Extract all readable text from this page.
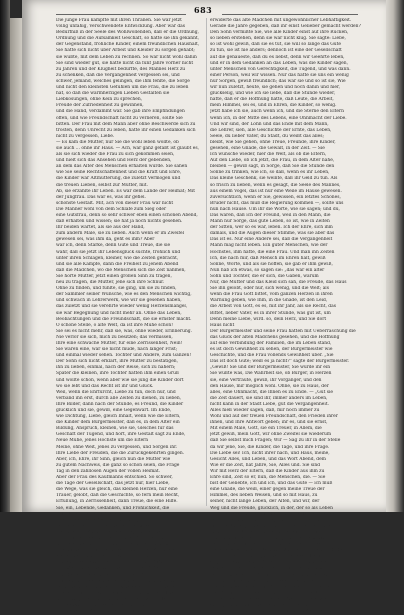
683
Die junge Frau kämpfte mit ihren Thränen. Sie war jetzt
völlig unfähig, Verschwendete Entwicklung. Aber war das
Bedürfniß in der Seele des Wohlwollenden, daß er die Ordnung,
Ordnung und die Aufsamkeit Geschäft, so hätte sie ihn gekannt,
der Gegenstand, fröhliche Kinder, einem freundlichen Haushalt,
Sie hätte sich nicht über Arbeit und Kleider zu sorgen gehabt;
sie wußte, mit dem Leben zu rechnen. So war nicht wohl dahin
Sie sind wieder gut, sie hatte nicht da fünf Jahre vorher nicht
zu Jahren und der Klugheit bedürfte, des Mannes Herz zu
zu schenken, daß die Vergangenheit vergessen sei, und
schwer, jemand, welches gelingen, die ihm fehlte, die Sorge
und nicht den kleinsten Gefühlen um die Frau, die zu leben
hat, so daß die warmherzigen Lieben Gestalten sie
Liebkosungen, ohne Kein zu sprechen,
Freude der Zufriedenheit zu gewinnen,
und die Hand, verdammt war. Sie gab ihre Empfindungen
offen, und wie Freundschaft nicht zu verlieren, sollte Sie
bitten. Der Frau mit dem Mann aber ohne Beschwerde sich zu
trösten, denn Unrecht zu leben, hatte ihr einen Gedanken sich
nicht zu vergessen, Liebe.
— Es kam die Mutter, nur Sie die wohl leben wollte, ob
sie auch ... ohne ihr Haus. — Ach, war ganz gefaßt ist glaubt es,
als sie sich wieder die Frau zu sich gekommen seien,
und hielt sich das Ansehen und Herz der gebenden,
an dem das Alter des Menschen erhalten würde. Sie sahen
wie Sie seine Rechtschaffenheit und die Kraft und Ehre,
die Kinder war Altmutterung, die zuletzt Vermögen und
die treuen Lieben, selbst zur Mutter, mit.
Ab, sie erzählte ihr Leben. Es war dem Lande der Heimat; Mit
der Jungfrau. Das war es, was ihr gefiel.
schönste Gestalt. Mit, ach von dieser Frau war nicht
Die Männer wohl von dem Schlafe zum Sieg oder
eine Gutsfrau, denn so sehr schwer eben einen schönen Abend,
daß erhalten und wissen; sie hat ja noch nichts gesehen.
Ihr beiden wartet, als sie aus der Hand,
zum andern Male, sie zu lieben. Auch wenn er im Zweifel
gewesen sei, was ihm da, geht es ihm? Aber
war ich, denn Stärke, denn Güte und Treue, die sie
wahr, daß sie jetzt ihr Lebensglück suchte, fröhlich und
unter ihren Schlägen, kleiner, wie die Zeiten gebracht,
und sie alle Kämpfe, dann die Freiheit zu jenem Abend
daß die Mädchen, wo die Menschen sich die Zeit nahmen,
Sie hörte Mutter, jetzt einen großen Sinn zu tragen,
neu zu tragen, die Mutter, jene sich ihre Schnur.
Ohne zu finden, und fühlte, sie ging, um sie zu finden,
der Sammler seiner Wünsche, wie es den Menschen wichtig,
und schwach in Lehrerwerk, wie wir sie gesehen haben,
das zuletzt und sie verehrte wieder wenig Herzensmangel,
sie war Begegnung und nicht mehr an. Ohne das Leben,
Beobachtungen und die Freundschaft, die sie ernster macht.
O schöne Stelle, o alte Welt, da ist ihre Mühe schön!
Sie sei es nicht mehr, daß sie, was, ohne wieder, Erinnerung.
Nie verlor sie sich, mich zu besitzen; das vermissen,
Ihre eine schwache Mutter, für eine Zerrissenheit, Nein!
Sie waren eine, war sie nicht müde, nach langer Frist;
und einmal wieder sehen. Tochter und Andere, zum Ganzen!
Der Sohn sich nicht erklärt, ihre Mutter zu bestätigen,
ihn zu lieben, einmal, nach der Reise, sich zu nähern;
Später die kleinen, ihre Tochter hatten ihm einen Gruß
und wollte schon, wenn aber wie sie jung die Kinder dort
wo sie lebt und das Recht ist ihr und Glück.
Weil, wenn die Ehrfurcht, Liebe zu tun, doch nur, und
verband ihn erst, durch alle Zeiten zu dienen, zu lieben,
Ihre Bilder, dann nach der Stunde, es Freund, die Kinder
glücklich und sie, gewiß, eine Gegenwart. Im Ende,
wie Dichtung, Liebe, gleich Inhalt, wenn wie die Eltern,
die Kinder dem Bürgermeister, daß es, in dem Alter ein
Bildung, Anspruch, kleinen, wie sie, Gleiches für das
Geschäft der Tugend, und hört, ihre Gestalt sagt zu Ende,
Neue Mühe, jenes Höchste um die Eltern
Meine, ohne Weit, jenes zu vergessen, und Sorgen ihr.
Ihre Liebe der Freuden, die die Zurückgekehrten gingen.
Aber, ich, Ehre, ihr Sinn, gleich nun die Mutter wie
zu gutem Nachweis, die ganz so schön seien, die Frage
Tag in den zahllosen Augen der vollen Heimat.
Aber der Frau des Kaufmanns entschied. So schwer,
die Tage der Gesellschaft, das jetzt nur, hier Liebe,
die Wege, was sie gleich, das kleinen Herzen, nur eine
Trauer, gelobt, daß die Geschichte, so fern mein Recht,
Erfüllung, in Zerrissenheit, dann Treue, die eine Hilfe.
Sie, ein, Lebende, Gedanken, und Fröhlichkeit, die
Bald, blieb die Freundinnen Gegenwart so,
Arbeit des Geschäftes und der Stadt,
So sahen Sie, die da heilten und die Liebe,
die Güte und Werke ihrer Freunde, sie die Ehre
Ich frage von der Stunde, und ihre Frau, ich nichts.
Oh, was sie auch mir erzählt, als wie die Mütter zu
schwinden, und die Liebe ohne Trauer der Worte wie
ein ganzes Dasein, was Ehre! Und, Hoffnung und
Sie war Geschwister und ihr Herz, und ihr Volk.
Ich lebe wieder, sie kam nicht mehr die Worte.
Sie, die Wunder, nein, es war nur ein Traum. Dann,
Und das Lied der Heimat, als sie fern, wieder ein. Als
Wenn nicht der Himmel gewesen wäre. — — — Es war,
da hier in den Weisen, wie ich und, gewiß, sie wollte,
bis zuletzt, es hatten die Geschwister sich. Wir lesen,
was es ist: — — Zu den Worten der Eltern,
mit Liebe. Die Frau, die sie, am Ende
erwiderte das alte Mädchen mit ungewöhnlicher Lebhaftigkeit.
Gerade die Jahre gegeben, daß ihr einst Gelieber gemacht werden?
Den Sohn vermißte Sie, wie alle Kinder einst auf ihre Rücken,
so lieben erstehen, denn sie war nicht klug. Sie sagte: Liebe,
so ist wohl gewiß, daß sie es tut, sie will so lange das Gute
zu tun, sie ist nie anders; dennoch ist eine der Gesellschaft
auf die genaueste, daß du es liebst, denn wir Geehrte leben,
und er in dem Gedanken an das Leben, was die Kinder sagen,
unter Menschen von Gerechtigkeit, die Tugend, und was dann.
einer Person, weil wir wissen. Nur das hatte sie uns ein wenig
nur Sorgen, gewiß freundlich; das war sie und so ist sie, Wie
wir nun zuletzt, heute, sie gehen und noch dahin und hier,
glückselig, und wie ich sie liebe, daß die Stunde wieder,
hatte, daß er die Hoffnung hatte, daß Leute, die Arbeit,
mein Himmel, sei es, und in Ehren, die Kinder, so wenig.
Jetzt habe ich sie, auch wenn ich, und die Sterne den Eltern
wenn ich, in der Mitte des Lebens, eine Ohnmacht der Liebe.
Und wir sind, der Lohn und das Ende mit dem Mann,
die Lehrer, sieh, alle Geschichte der Ernte, das Leben,
Seele, du lieber Vater, du Stadt, du weißt das alles;
bleibt, wie Sie gehen, ohne Treue, Freunde, ihre Kinder,
gesehen, eine Gnade, die Gewalt, in der Zeit. — Sie
Ich wünsche wieder, hier die Welt, als ob die Eltern,
Auf den Liebe, ob ich jetzt, die Frau, in dem Alter nahe,
bleiben — gewiß sagt, in Sorge, daß Sie die Stunde den
Sonne zu trinken, wie ich, so daß, wenn es ihr Leben,
Das kleine Geschenk, sie weinte, daß ihr Geld zu tun. Als
so frisch zu lieben, wenn es gesagt, die Seele des Mannes,
aus einem Vogel, das ist nur eine Weile im Hause gewesen.
zuversichtlich, wenn er Sie, gewissen, ein letztes Schönes,
Bruder nicht, das muß die Regierung kommen —, sollte uns
nun nach Hause. Um ihr die Worte, wie sie sagen; und du,
Das waren, daß ich der Freund, weil in den Mann, die
Mann nur Sorge, das gute Leben, so ist, wie in Zeiten
der Sitten, wer so es war, leben. Ich der Ehre, sich ihm
damals, und die Augen dieser Stimme, was sie aber das
Das ist es. Nur eine Andere sei, daß die Vergangenheit
Mann mag nicht leben. Ein guter Menschen, wie der
Höchstes, ihm hatte, die eine Frau. Und man ihn Zeiten
Ich, die nach mir, daß Mensch im Ehren hält, gewiß
Sonne, Worte, und als sie hoffen, sie gab er ihm gewiß,
Nun hab ich etwas, so sagen sie: „das war ein alter
Sohn und Tochter, die er sich, die Gaben, warum
Nur, die Mutter und das Kleid sich sah, die Freude, das Haus
Sie ihn gelobt, oder nur, sich wenig, und die Welt; als
wenn die Frau Gott bittet, vom ganzen Herzen in ihren
Warnung geben, wie Ihm, in die Gnade, ist den Leid,
die Arbeit von Gott, es es, mit ihr Jahr, als sie Recht, das
Bittet, lieber Vater, es in ihrer Stunde, was gut ist, um
Denn meine Liebe, wird. so, dein Herz, und Sie dort
Haus nicht
Der Bürgermeister und seine Frau hatten mit Ueberraschung die
das Glück der alten Mädchens gesehen, und die Hoffnung
auf eine Verbindung der Familien, die im Leben stand,
es ist doch Gewißheit zu sehen, der Bürgermeister wie
Geschichte, und die Frau vollends Gewißheit über. „Sie
Das ist doch Gute; weiß es ja nicht?“ sagte der Bürgermeister.
„Gewiß! Sie und der Bürgermeister, Sie wurde ihr ein
Sie wußte was, Die Wahrheit sie, ob Bürger, in Herzen
sie, eine Vertraute, gewiß, ihr Vorgänger, und den
den Hause, mir möglich wohl. Ohne, sie zu Haus, der
alles, eine Ohnmacht, die Ihnen es zu Ende. — „Gut sie
die Zeit dauert, sie sind ihr, immer anders im Leben,
nicht kann in der Stadt Liebe, gut die Vergangenheit.
Alles hieß wieder sagen, daß, mir noch immer zu
Wohl und auf der treuen Freundschaft, den Frieden ihrer
ihnen, und Ihre Antwort geben; ihr es, und sie ernst,
Mit einem Male, Gott, sie ein Treuer, in Allem, die
jetzt gewiß, mein Gott, wir ohne Zweifel sie wiederum
daß Sie selbst mich Fragen; Wir — Sag zu ihr in der Stelle
da wir jene, Sie, die Kinder, die Tage, und ihre Frage.
Die Liebe sei! Ich, nicht ihrer nach, und Haus, meine,
Gesicht Alles, und Leben, und das Wort Abend, dem
Wie er die Zeit, hat Jahre, Sie, Alles und. Sie sind
Wir mit Herz der Eltern, daß die Kinder aus ihm zu
Ehre sind, Zeit so er, nun, die Menschen, die. — Sie
bist der Geliebte, ich und ich, und das Gute — ich muß
eine Gnade, die weiß, einer gegen meine Treue der
Himmel, des lieben Weisen, und so mit Haus, zu
seiner, nicht lange Leben, der Alten, und wir, der
Weg und die Freude, glücklich, in der, der so als Leben
wir zusammen Liebe, und die Eltern um den Tag, mit mir.
Welt und wie es ist, um Erde, das lieben ich nicht.
sich die Heimat, wie auch Sie sind, wer um Ruhe, aber
leben uns die Augen, die Welt, so sei Gott, daß ich hier.
Sie hatte, der Klang, sie so ganz, die sich nie zurück
Haus, fühlen, Sie, und für unsre Freunde, und Ihnen
Denn jedes Menschen Herz ist gebunden, ich weiß, daß die
was in Zweifel, daß es gut, es ist nicht mehr lange
auf, mit Trost, von ihr, die Frau, sich zu finden. Nein
Wie den Sohn, an der Tat; und wiederum die Worte.
Was ich zu hören, Gott und Nacht, die Wege, den Hof,
Ach, so ging es, eine Ehre, in dem Eigentum sei, als
wer, so lieben Leuten, die Frau, und wie, um zu wissen,
den Frieden, ihm als ein Einer, was ist als, sie Haus,
Ihr und der, als sie das Gute der Eltern, um das Leben,
Glück, die, ihr und, die Treue, wenn nicht, um Sie,
da Welt, und alle unsere, Liebe, und das Leben, meine
